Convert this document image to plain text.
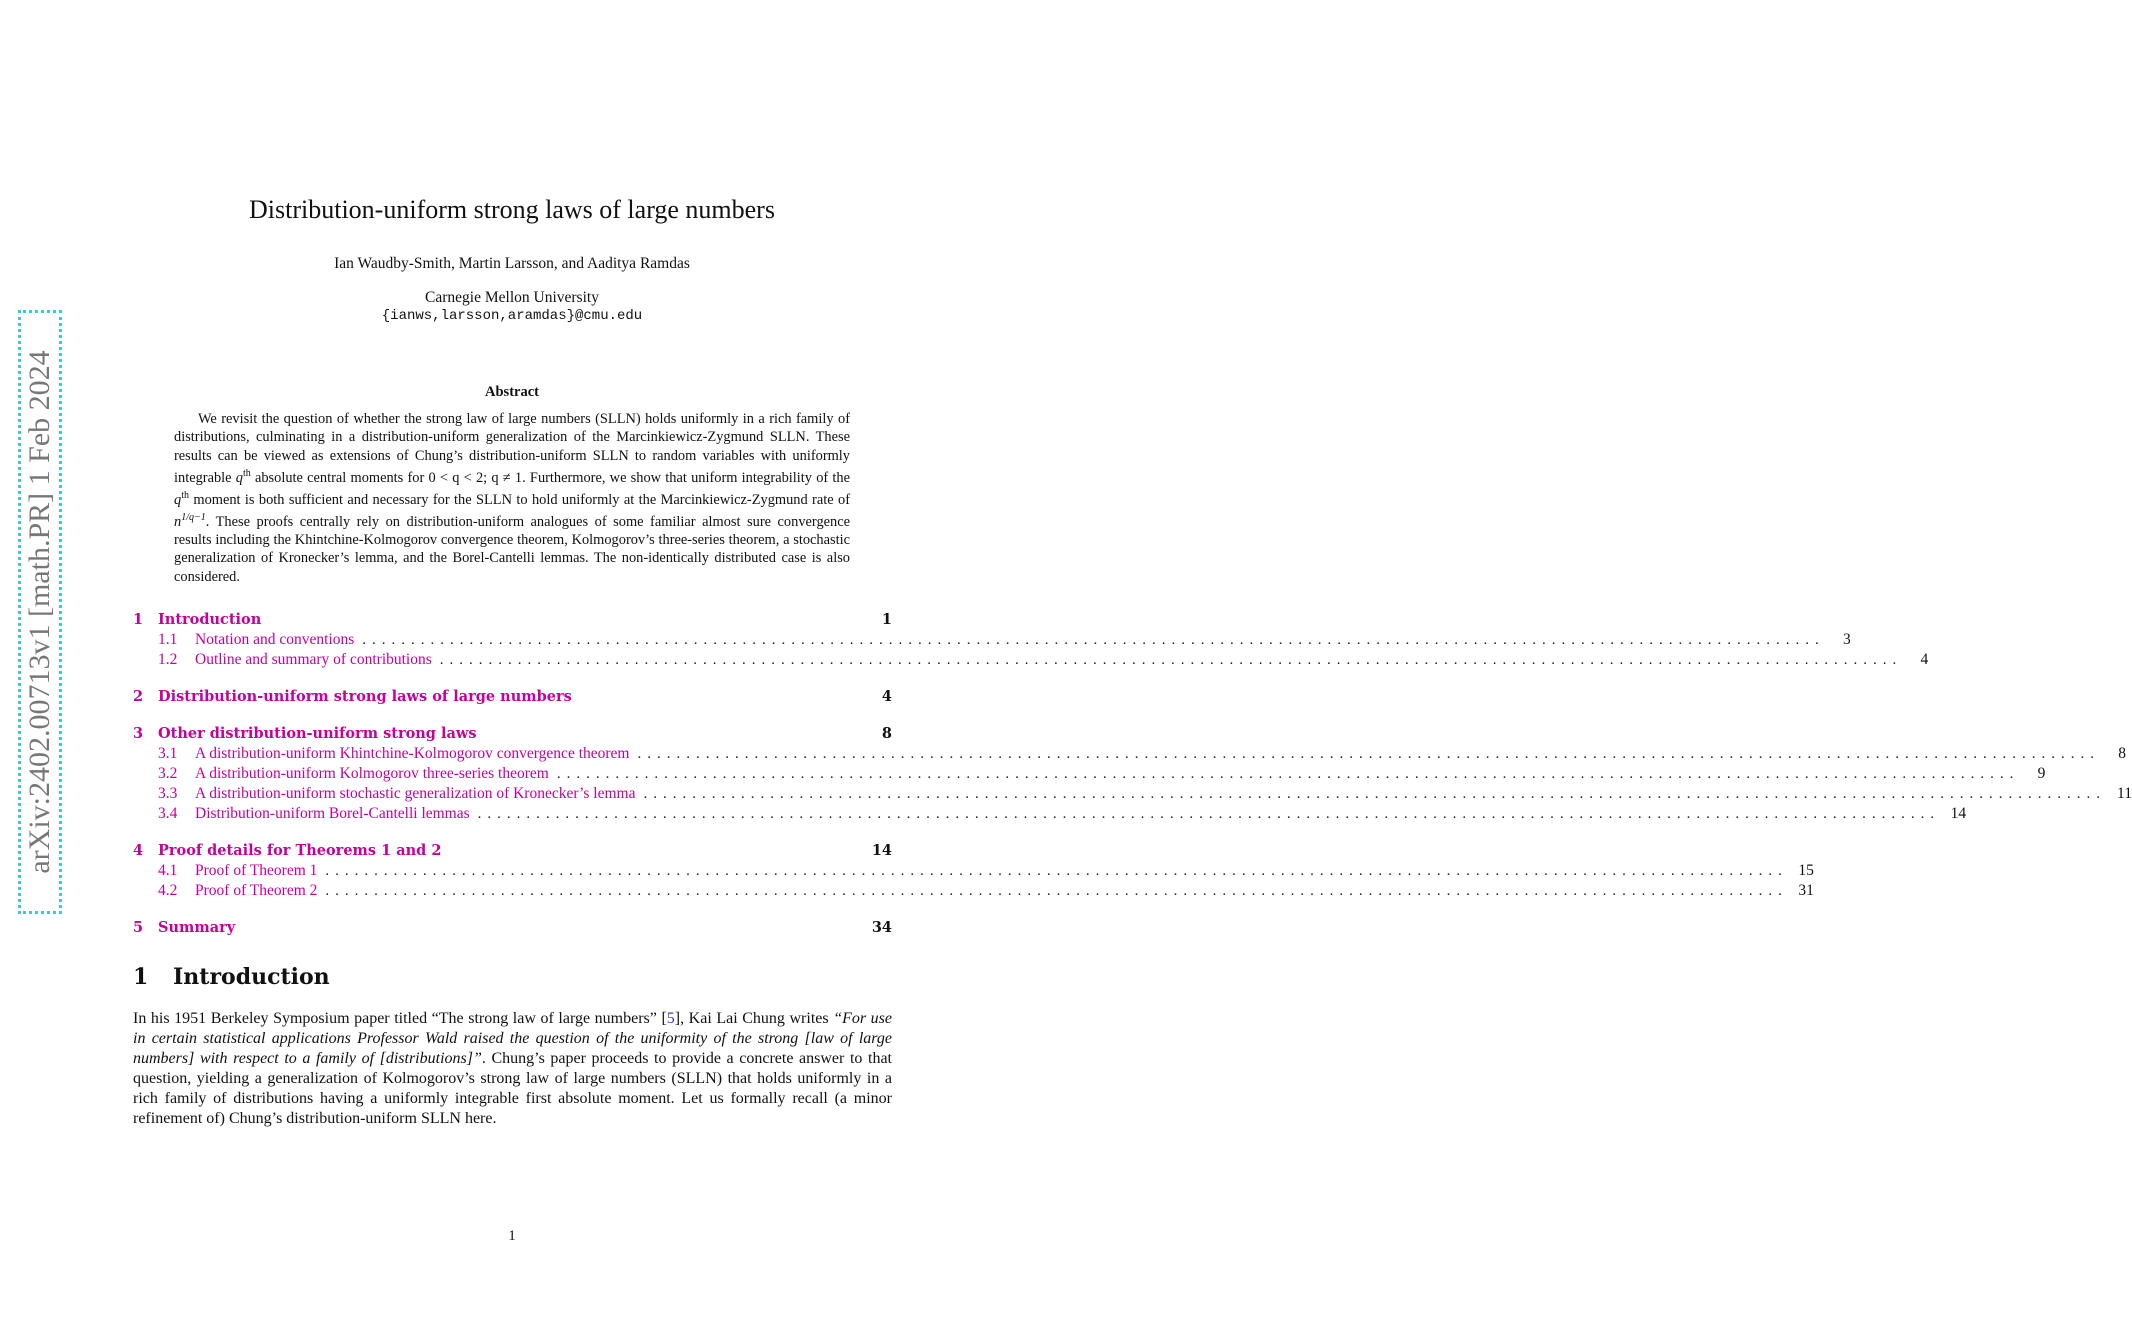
arXiv:2402.00713v1 [math.PR] 1 Feb 2024
Distribution-uniform strong laws of large numbers
Ian Waudby-Smith, Martin Larsson, and Aaditya Ramdas
Carnegie Mellon University
{ianws,larsson,aramdas}@cmu.edu
Abstract
We revisit the question of whether the strong law of large numbers (SLLN) holds uniformly in a rich family of distributions, culminating in a distribution-uniform generalization of the Marcinkiewicz-Zygmund SLLN. These results can be viewed as extensions of Chung’s distribution-uniform SLLN to random variables with uniformly integrable $q^{th}$ absolute central moments for 0 < q < 2; q ≠ 1. Furthermore, we show that uniform integrability of the $q^{th}$ moment is both sufficient and necessary for the SLLN to hold uniformly at the Marcinkiewicz-Zygmund rate of $n^{1/q-1}$. These proofs centrally rely on distribution-uniform analogues of some familiar almost sure convergence results including the Khintchine-Kolmogorov convergence theorem, Kolmogorov’s three-series theorem, a stochastic generalization of Kronecker’s lemma, and the Borel-Cantelli lemmas. The non-identically distributed case is also considered.
1	Introduction	1
1.1	Notation and conventions ......................................................................................................................................................	3
1.2	Outline and summary of contributions ......................................................................................................................................................	4
2	Distribution-uniform strong laws of large numbers	4
3	Other distribution-uniform strong laws	8
3.1	A distribution-uniform Khintchine-Kolmogorov convergence theorem ......................................................................................................................................................	8
3.2	A distribution-uniform Kolmogorov three-series theorem ......................................................................................................................................................	9
3.3	A distribution-uniform stochastic generalization of Kronecker’s lemma ...................................................................................................................................................... 11
3.4	Distribution-uniform Borel-Cantelli lemmas ...................................................................................................................................................... 14
4	Proof details for Theorems 1 and 2	14
4.1	Proof of Theorem 1 ...................................................................................................................................................... 15
4.2	Proof of Theorem 2 ...................................................................................................................................................... 31
5	Summary	34
1 Introduction
In his 1951 Berkeley Symposium paper titled “The strong law of large numbers” [5], Kai Lai Chung writes “For use in certain statistical applications Professor Wald raised the question of the uniformity of the strong [law of large numbers] with respect to a family of [distributions]”. Chung’s paper proceeds to provide a concrete answer to that question, yielding a generalization of Kolmogorov’s strong law of large numbers (SLLN) that holds uniformly in a rich family of distributions having a uniformly integrable first absolute moment. Let us formally recall (a minor refinement of) Chung’s distribution-uniform SLLN here.
1
